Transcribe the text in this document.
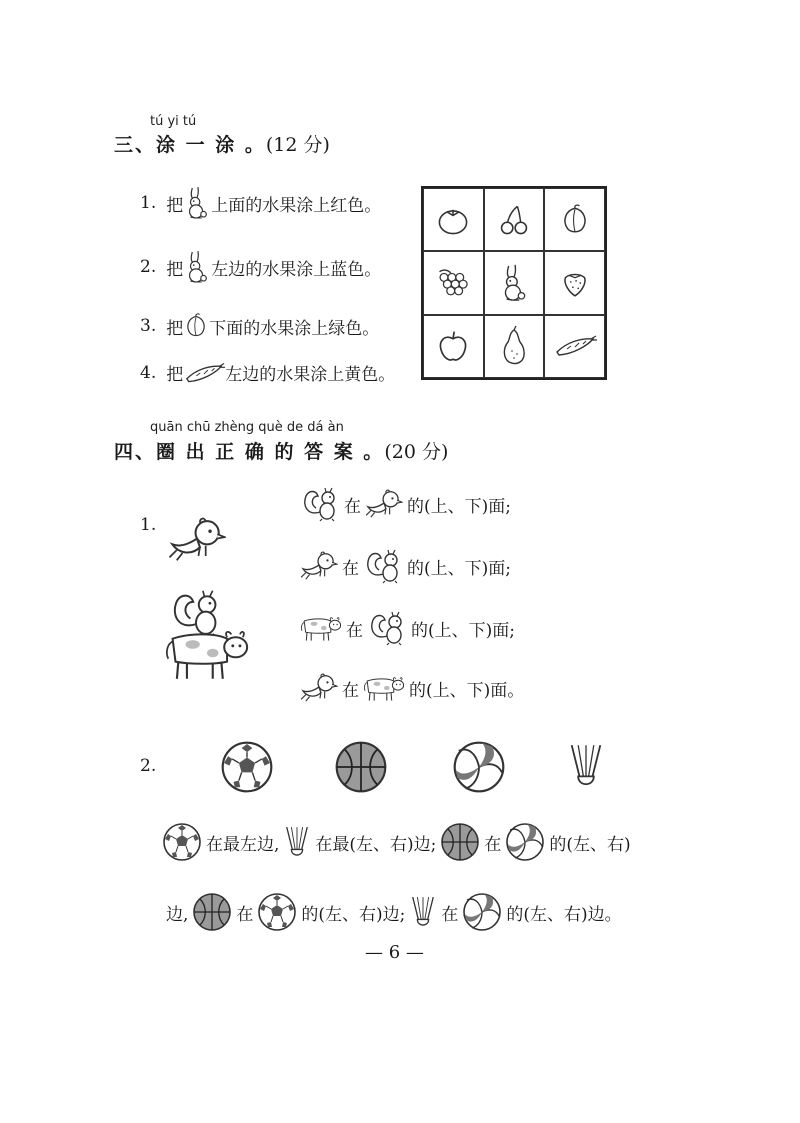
tú yi tú
三、涂 一 涂 。(12 分)
1. 把 上面的水果涂上红色。
2. 把 左边的水果涂上蓝色。
3. 把 下面的水果涂上绿色。
4. 把 左边的水果涂上黄色。
quān chū zhèng què de dá àn
四、圈 出 正 确 的 答 案 。(20 分)
1.
在	的(上、下)面;
在	的(上、下)面;
在	的(上、下)面;
在	的(上、下)面。
2.
在最左边, 在最(左、右)边;	在	的(左、右)
边,	在	的(左、右)边; 在	的(左、右)边。
— 6 —
